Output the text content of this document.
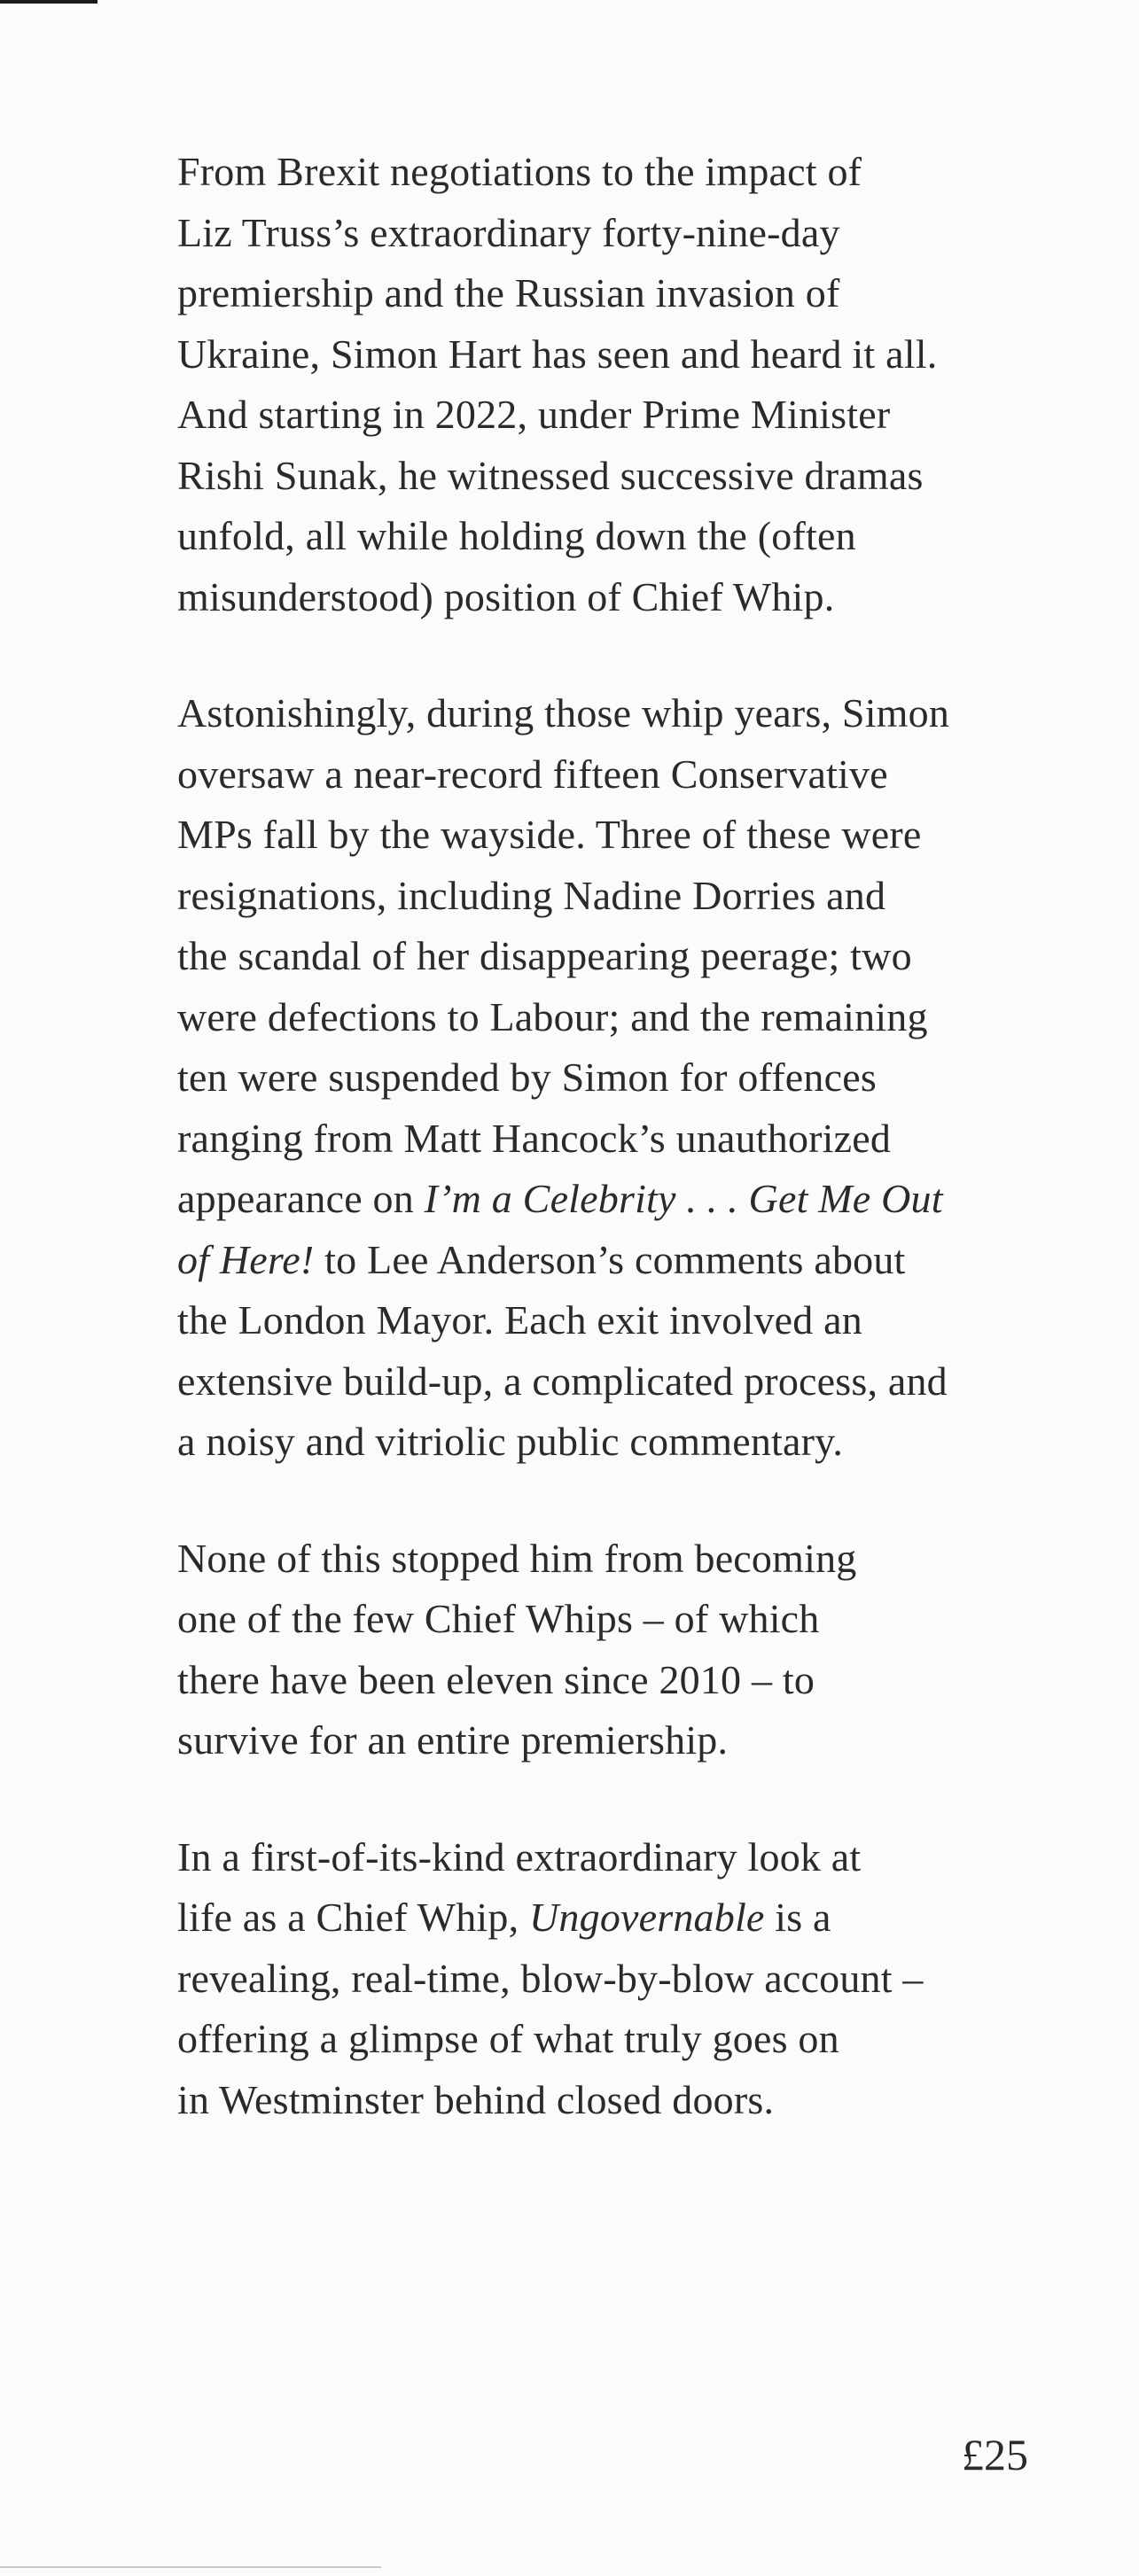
From Brexit negotiations to the impact of
Liz Truss’s extraordinary forty-nine-day
premiership and the Russian invasion of
Ukraine, Simon Hart has seen and heard it all.
And starting in 2022, under Prime Minister
Rishi Sunak, he witnessed successive dramas
unfold, all while holding down the (often
misunderstood) position of Chief Whip.

Astonishingly, during those whip years, Simon
oversaw a near-record fifteen Conservative
MPs fall by the wayside. Three of these were
resignations, including Nadine Dorries and
the scandal of her disappearing peerage; two
were defections to Labour; and the remaining
ten were suspended by Simon for offences
ranging from Matt Hancock’s unauthorized
appearance on I’m a Celebrity . . . Get Me Out
of Here! to Lee Anderson’s comments about
the London Mayor. Each exit involved an
extensive build-up, a complicated process, and
a noisy and vitriolic public commentary.

None of this stopped him from becoming
one of the few Chief Whips – of which
there have been eleven since 2010 – to
survive for an entire premiership.

In a first-of-its-kind extraordinary look at
life as a Chief Whip, Ungovernable is a
revealing, real-time, blow-by-blow account –
offering a glimpse of what truly goes on
in Westminster behind closed doors.

£25
